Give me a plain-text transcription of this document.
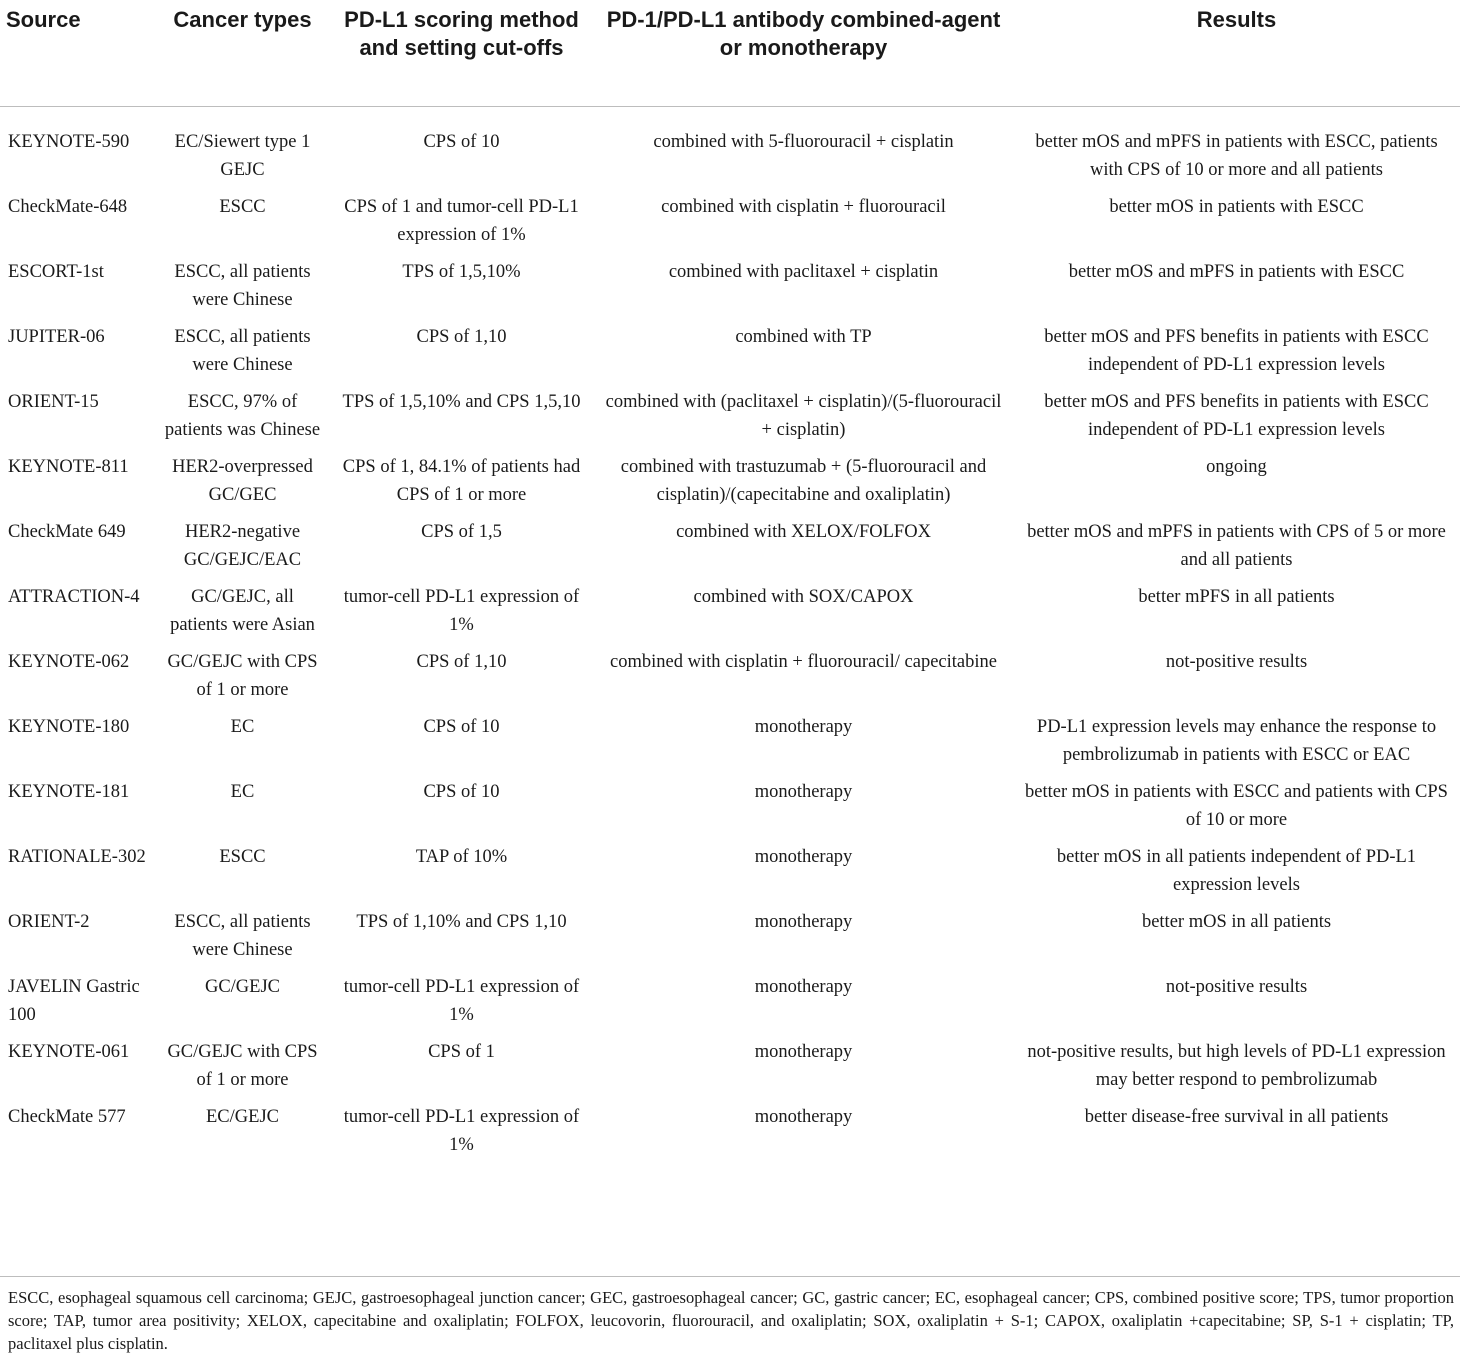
Source	Cancer types	PD-L1 scoring method and setting cut-offs	PD-1/PD-L1 antibody combined-agent or monotherapy	Results
KEYNOTE-590	EC/Siewert type 1 GEJC	CPS of 10	combined with 5-fluorouracil + cisplatin	better mOS and mPFS in patients with ESCC, patients with CPS of 10 or more and all patients
CheckMate-648	ESCC	CPS of 1 and tumor-cell PD-L1 expression of 1%	combined with cisplatin + fluorouracil	better mOS in patients with ESCC
ESCORT-1st	ESCC, all patients were Chinese	TPS of 1,5,10%	combined with paclitaxel + cisplatin	better mOS and mPFS in patients with ESCC
JUPITER-06	ESCC, all patients were Chinese	CPS of 1,10	combined with TP	better mOS and PFS benefits in patients with ESCC independent of PD-L1 expression levels
ORIENT-15	ESCC, 97% of patients was Chinese	TPS of 1,5,10% and CPS 1,5,10	combined with (paclitaxel + cisplatin)/(5-fluorouracil + cisplatin)	better mOS and PFS benefits in patients with ESCC independent of PD-L1 expression levels
KEYNOTE-811	HER2-overpressed GC/GEC	CPS of 1, 84.1% of patients had CPS of 1 or more	combined with trastuzumab + (5-fluorouracil and cisplatin)/(capecitabine and oxaliplatin)	ongoing
CheckMate 649	HER2-negative GC/GEJC/EAC	CPS of 1,5	combined with XELOX/FOLFOX	better mOS and mPFS in patients with CPS of 5 or more and all patients
ATTRACTION-4	GC/GEJC, all patients were Asian	tumor-cell PD-L1 expression of 1%	combined with SOX/CAPOX	better mPFS in all patients
KEYNOTE-062	GC/GEJC with CPS of 1 or more	CPS of 1,10	combined with cisplatin + fluorouracil/ capecitabine	not-positive results
KEYNOTE-180	EC	CPS of 10	monotherapy	PD-L1 expression levels may enhance the response to pembrolizumab in patients with ESCC or EAC
KEYNOTE-181	EC	CPS of 10	monotherapy	better mOS in patients with ESCC and patients with CPS of 10 or more
RATIONALE-302	ESCC	TAP of 10%	monotherapy	better mOS in all patients independent of PD-L1 expression levels
ORIENT-2	ESCC, all patients were Chinese	TPS of 1,10% and CPS 1,10	monotherapy	better mOS in all patients
JAVELIN Gastric 100	GC/GEJC	tumor-cell PD-L1 expression of 1%	monotherapy	not-positive results
KEYNOTE-061	GC/GEJC with CPS of 1 or more	CPS of 1	monotherapy	not-positive results, but high levels of PD-L1 expression may better respond to pembrolizumab
CheckMate 577	EC/GEJC	tumor-cell PD-L1 expression of 1%	monotherapy	better disease-free survival in all patients
ESCC, esophageal squamous cell carcinoma; GEJC, gastroesophageal junction cancer; GEC, gastroesophageal cancer; GC, gastric cancer; EC, esophageal cancer; CPS, combined positive score; TPS, tumor proportion score; TAP, tumor area positivity; XELOX, capecitabine and oxaliplatin; FOLFOX, leucovorin, fluorouracil, and oxaliplatin; SOX, oxaliplatin + S-1; CAPOX, oxaliplatin +capecitabine; SP, S-1 + cisplatin; TP, paclitaxel plus cisplatin.
